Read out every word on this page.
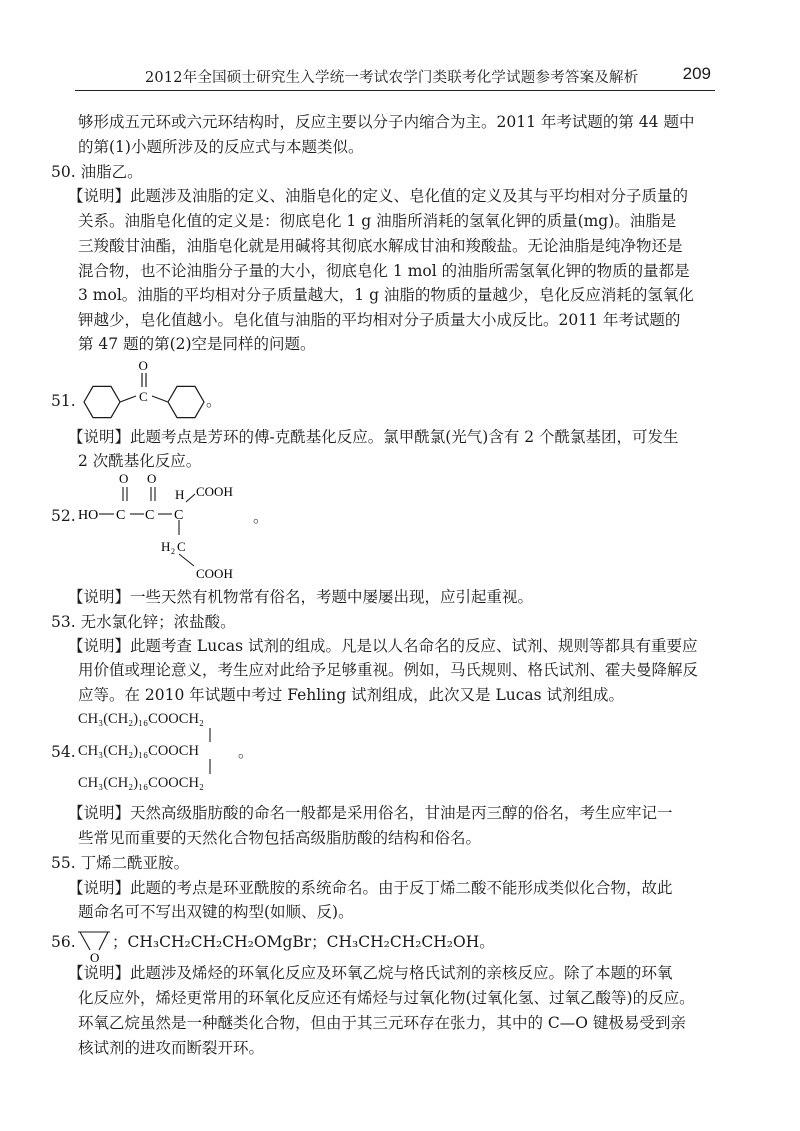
2012年全国硕士研究生入学统一考试农学门类联考化学试题参考答案及解析	209
够形成五元环或六元环结构时，反应主要以分子内缩合为主。2011 年考试题的第 44 题中
的第(1)小题所涉及的反应式与本题类似。
50. 油脂乙。
【说明】此题涉及油脂的定义、油脂皂化的定义、皂化值的定义及其与平均相对分子质量的
关系。油脂皂化值的定义是：彻底皂化 1 g 油脂所消耗的氢氧化钾的质量(mg)。油脂是
三羧酸甘油酯，油脂皂化就是用碱将其彻底水解成甘油和羧酸盐。无论油脂是纯净物还是
混合物，也不论油脂分子量的大小，彻底皂化 1 mol 的油脂所需氢氧化钾的物质的量都是
3 mol。油脂的平均相对分子质量越大，1 g 油脂的物质的量越少，皂化反应消耗的氢氧化
钾越少，皂化值越小。皂化值与油脂的平均相对分子质量大小成反比。2011 年考试题的
第 47 题的第(2)空是同样的问题。
51.
O
C	。
【说明】此题考点是芳环的傅-克酰基化反应。氯甲酰氯(光气)含有 2 个酰氯基团，可发生
2 次酰基化反应。
52. HO
O O
C C C
H COOH
H 2 C
COOH
。
【说明】一些天然有机物常有俗名，考题中屡屡出现，应引起重视。
53. 无水氯化锌；浓盐酸。
【说明】此题考查 Lucas 试剂的组成。凡是以人名命名的反应、试剂、规则等都具有重要应
用价值或理论意义，考生应对此给予足够重视。例如，马氏规则、格氏试剂、霍夫曼降解反
应等。在 2010 年试题中考过 Fehling 试剂组成，此次又是 Lucas 试剂组成。
54.
CH₃(CH₂)₁₆COOCH₂
CH₃(CH₂)₁₆COOCH
CH₃(CH₂)₁₆COOCH₂
。
【说明】天然高级脂肪酸的命名一般都是采用俗名，甘油是丙三醇的俗名，考生应牢记一
些常见而重要的天然化合物包括高级脂肪酸的结构和俗名。
55. 丁烯二酰亚胺。
【说明】此题的考点是环亚酰胺的系统命名。由于反丁烯二酸不能形成类似化合物，故此
题命名可不写出双键的构型(如顺、反)。
56.
O
；CH₃CH₂CH₂CH₂OMgBr；CH₃CH₂CH₂CH₂OH。
【说明】此题涉及烯烃的环氧化反应及环氧乙烷与格氏试剂的亲核反应。除了本题的环氧
化反应外，烯烃更常用的环氧化反应还有烯烃与过氧化物(过氧化氢、过氧乙酸等)的反应。
环氧乙烷虽然是一种醚类化合物，但由于其三元环存在张力，其中的 C—O 键极易受到亲
核试剂的进攻而断裂开环。
